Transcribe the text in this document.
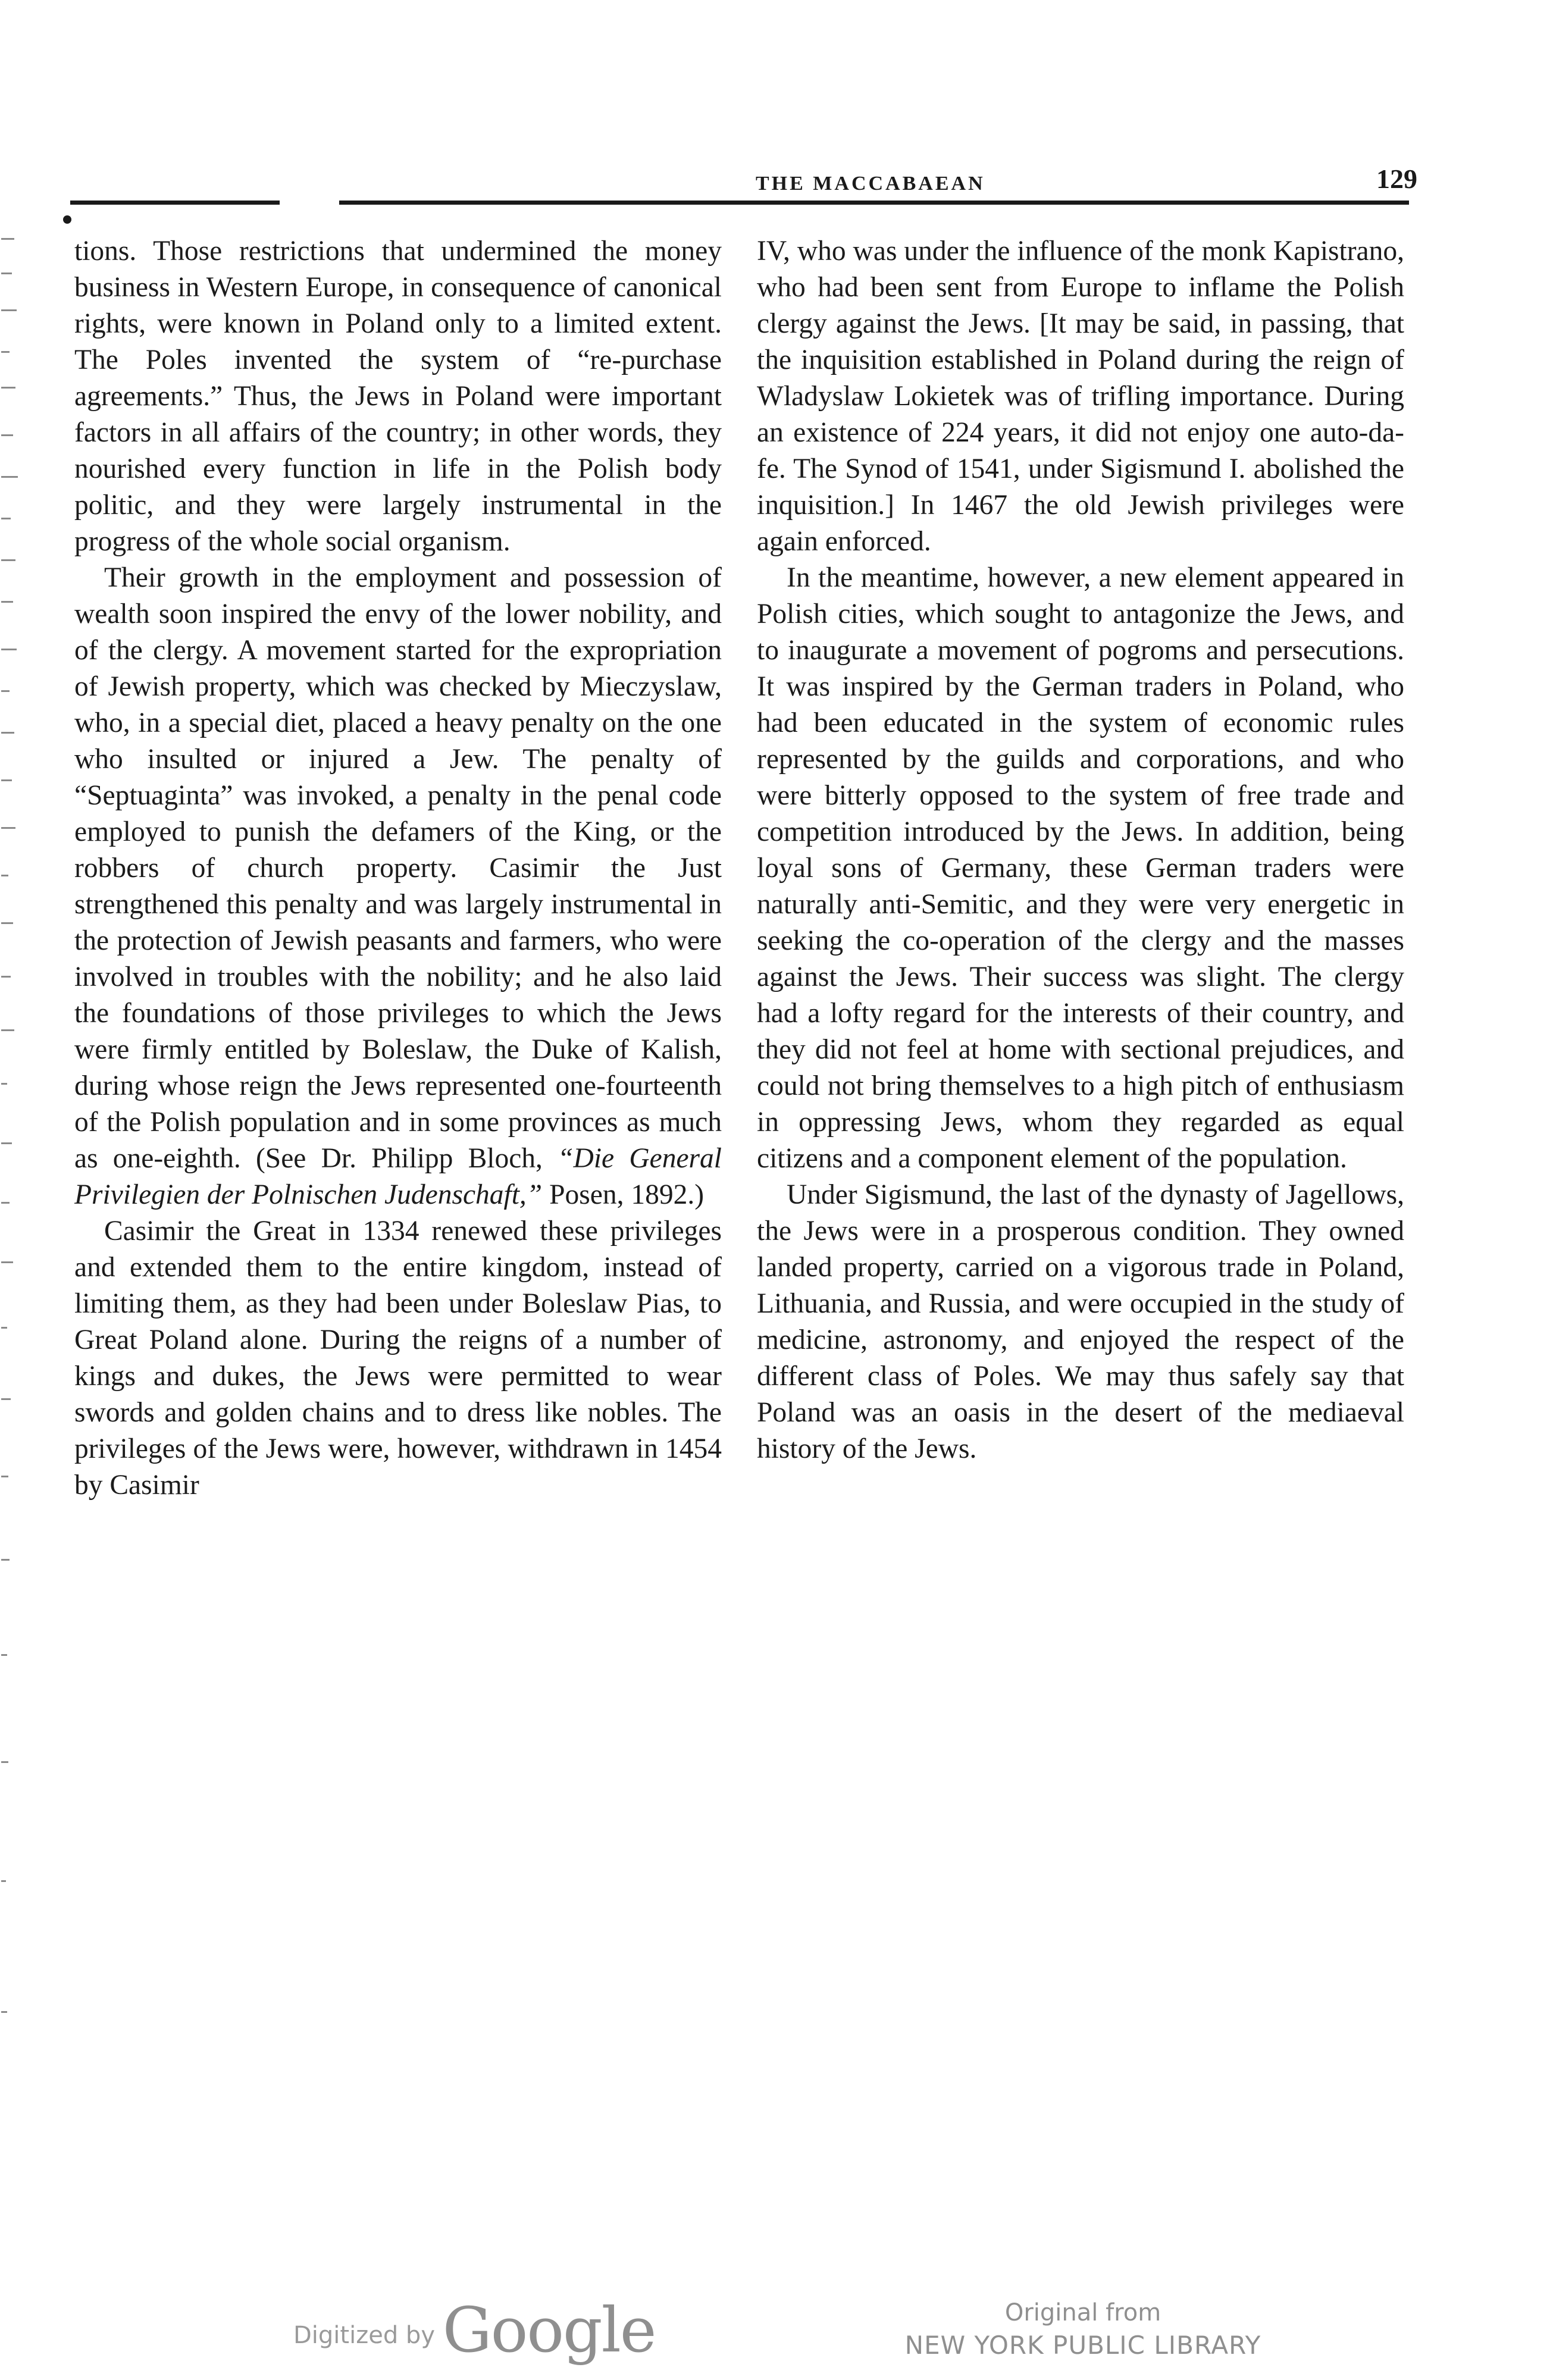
THE MACCABAEAN	129

tions. Those restrictions that undermined the money business in Western Europe, in consequence of canonical rights, were known in Poland only to a limited extent. The Poles invented the system of “re-purchase agreements.” Thus, the Jews in Poland were important factors in all affairs of the country; in other words, they nourished every function in life in the Polish body politic, and they were largely instrumental in the progress of the whole social organism.

Their growth in the employment and possession of wealth soon inspired the envy of the lower nobility, and of the clergy. A movement started for the expropriation of Jewish property, which was checked by Mieczyslaw, who, in a special diet, placed a heavy penalty on the one who insulted or injured a Jew. The penalty of “Septuaginta” was invoked, a penalty in the penal code employed to punish the defamers of the King, or the robbers of church property. Casimir the Just strengthened this penalty and was largely instrumental in the protection of Jewish peasants and farmers, who were involved in troubles with the nobility; and he also laid the foundations of those privileges to which the Jews were firmly entitled by Boleslaw, the Duke of Kalish, during whose reign the Jews represented one-fourteenth of the Polish population and in some provinces as much as one-eighth. (See Dr. Philipp Bloch, “Die General Privilegien der Polnischen Judenschaft,” Posen, 1892.)

Casimir the Great in 1334 renewed these privileges and extended them to the entire kingdom, instead of limiting them, as they had been under Boleslaw Pias, to Great Poland alone. During the reigns of a number of kings and dukes, the Jews were permitted to wear swords and golden chains and to dress like nobles. The privileges of the Jews were, however, withdrawn in 1454 by Casimir

IV, who was under the influence of the monk Kapistrano, who had been sent from Europe to inflame the Polish clergy against the Jews. [It may be said, in passing, that the inquisition established in Poland during the reign of Wladyslaw Lokietek was of trifling importance. During an existence of 224 years, it did not enjoy one auto-da-fe. The Synod of 1541, under Sigismund I. abolished the inquisition.] In 1467 the old Jewish privileges were again enforced.

In the meantime, however, a new element appeared in Polish cities, which sought to antagonize the Jews, and to inaugurate a movement of pogroms and persecutions. It was inspired by the German traders in Poland, who had been educated in the system of economic rules represented by the guilds and corporations, and who were bitterly opposed to the system of free trade and competition introduced by the Jews. In addition, being loyal sons of Germany, these German traders were naturally anti-Semitic, and they were very energetic in seeking the co-operation of the clergy and the masses against the Jews. Their success was slight. The clergy had a lofty regard for the interests of their country, and they did not feel at home with sectional prejudices, and could not bring themselves to a high pitch of enthusiasm in oppressing Jews, whom they regarded as equal citizens and a component element of the population.

Under Sigismund, the last of the dynasty of Jagellows, the Jews were in a prosperous condition. They owned landed property, carried on a vigorous trade in Poland, Lithuania, and Russia, and were occupied in the study of medicine, astronomy, and enjoyed the respect of the different class of Poles. We may thus safely say that Poland was an oasis in the desert of the mediaeval history of the Jews.

Digitized by Google	Original from
NEW YORK PUBLIC LIBRARY
